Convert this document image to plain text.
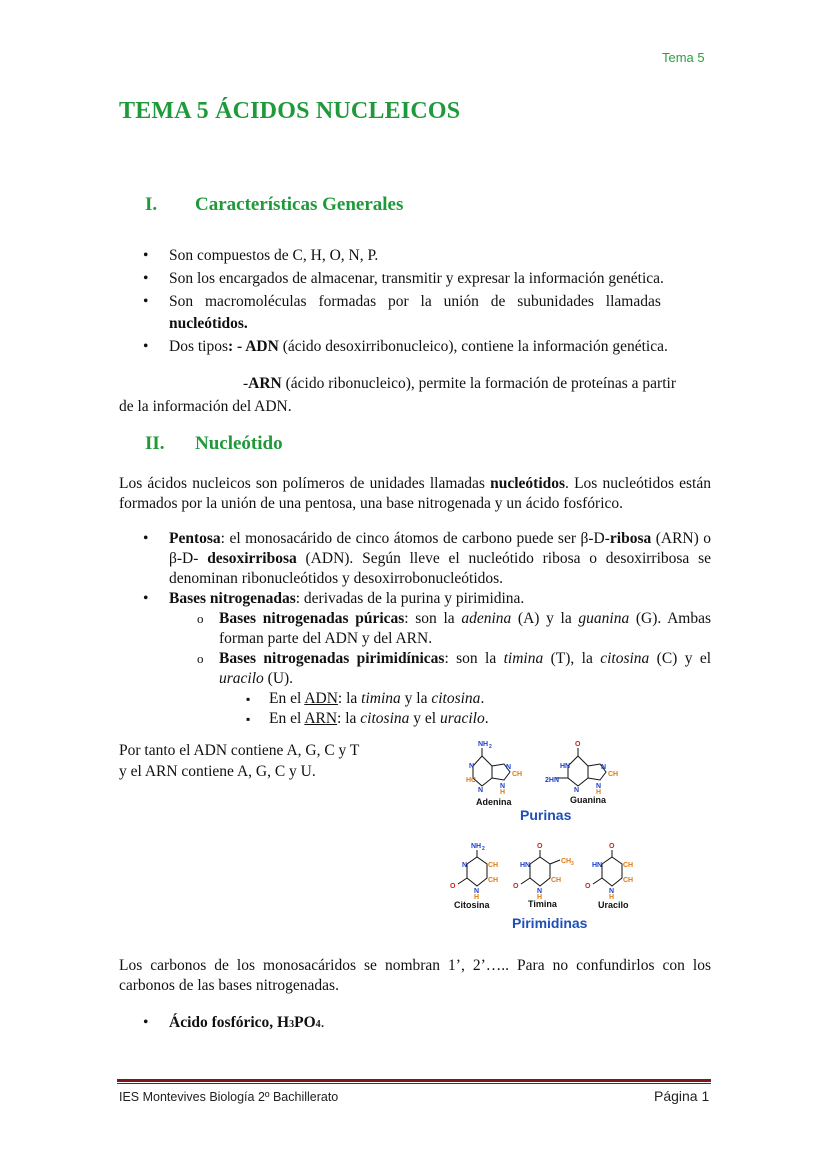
Tema 5
TEMA 5 ÁCIDOS NUCLEICOS
I. Características Generales
• Son compuestos de C, H, O, N, P.
• Son los encargados de almacenar, transmitir y expresar la información genética.
• Son macromoléculas formadas por la unión de subunidades llamadas
nucleótidos.
• Dos tipos: - ADN (ácido desoxirribonucleico), contiene la información genética.
-ARN (ácido ribonucleico), permite la formación de proteínas a partir
de la información del ADN.
II. Nucleótido
Los ácidos nucleicos son polímeros de unidades llamadas nucleótidos. Los nucleótidos están formados por la unión de una pentosa, una base nitrogenada y un ácido fosfórico.
• Pentosa: el monosacárido de cinco átomos de carbono puede ser β-D-ribosa (ARN) o β-D- desoxirribosa (ADN). Según lleve el nucleótido ribosa o desoxirribosa se denominan ribonucleótidos y desoxirrobonucleótidos.
• Bases nitrogenadas: derivadas de la purina y pirimidina.
o Bases nitrogenadas púricas: son la adenina (A) y la guanina (G). Ambas forman parte del ADN y del ARN.
o Bases nitrogenadas pirimidínicas: son la timina (T), la citosina (C) y el uracilo (U).
▪ En el ADN: la timina y la citosina.
▪ En el ARN: la citosina y el uracilo.
Por tanto el ADN contiene A, G, C y T
y el ARN contiene A, G, C y U.
NH 2
N	N
CH
HC
N
N
H
O
HN
2HN
N
CH
N
N
H
NH 2
N	CH
CH
O
N
H
O
HN
CH 3
CH
O
N
H
O
HN	CH
CH
O
N
H
Adenina	Guanina
Citosina	Timina	Uracilo
Purinas
Pirimidinas
Los carbonos de los monosacáridos se nombran 1’, 2’….. Para no confundirlos con los carbonos de las bases nitrogenadas.
• Ácido fosfórico, H3PO4.
IES Montevives Biología 2º Bachillerato	Página 1
